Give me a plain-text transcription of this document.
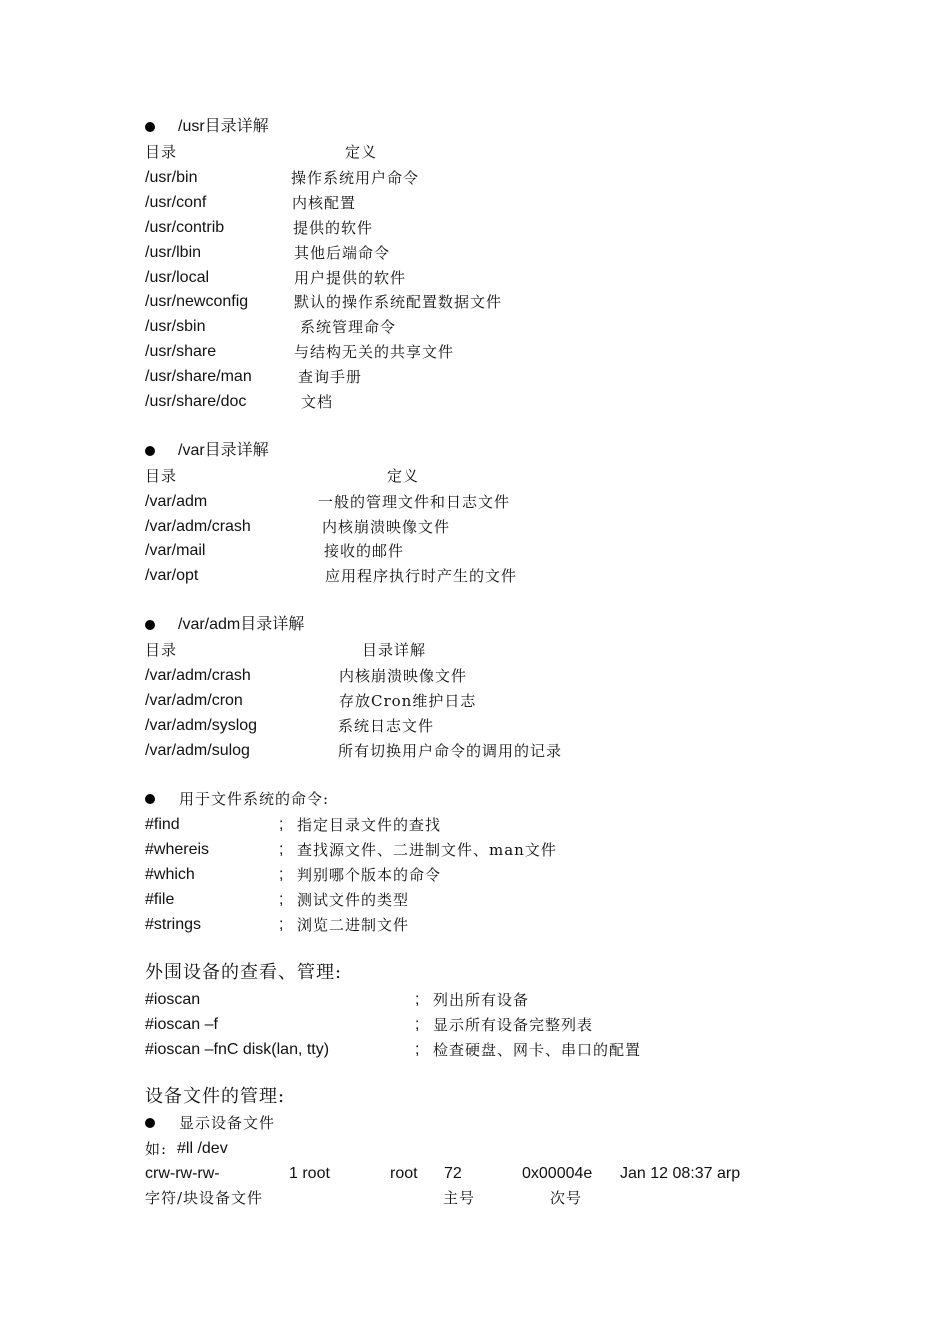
/usr目录详解
目录	定义
/usr/bin	操作系统用户命令
/usr/conf	内核配置
/usr/contrib	提供的软件
/usr/lbin	其他后端命令
/usr/local	用户提供的软件
/usr/newconfig	默认的操作系统配置数据文件
/usr/sbin	系统管理命令
/usr/share	与结构无关的共享文件
/usr/share/man	查询手册
/usr/share/doc	文档
/var目录详解
目录	定义
/var/adm	一般的管理文件和日志文件
/var/adm/crash	内核崩溃映像文件
/var/mail	接收的邮件
/var/opt	应用程序执行时产生的文件
/var/adm目录详解
目录	目录详解
/var/adm/crash	内核崩溃映像文件
/var/adm/cron	存放Cron维护日志
/var/adm/syslog	系统日志文件
/var/adm/sulog	所有切换用户命令的调用的记录
用于文件系统的命令:
#find	; 指定目录文件的查找
#whereis	; 查找源文件、二进制文件、man文件
#which	; 判别哪个版本的命令
#file	; 测试文件的类型
#strings	; 浏览二进制文件
外围设备的查看、管理:
#ioscan	; 列出所有设备
#ioscan –f	; 显示所有设备完整列表
#ioscan –fnC disk(lan, tty)	; 检查硬盘、网卡、串口的配置
设备文件的管理:
显示设备文件
如: #ll /dev
crw-rw-rw-	1 root	root 72	0x00004e Jan 12 08:37 arp
字符/块设备文件	主号	次号
